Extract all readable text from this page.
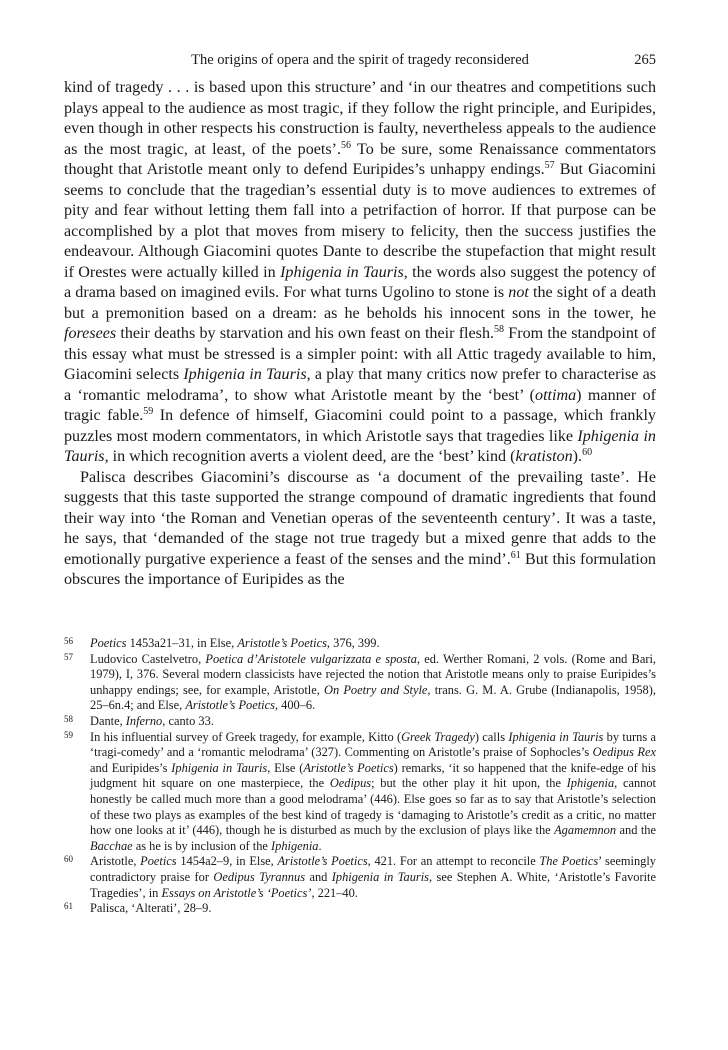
The origins of opera and the spirit of tragedy reconsidered	265

kind of tragedy . . . is based upon this structure’ and ‘in our theatres and competitions such plays appeal to the audience as most tragic, if they follow the right principle, and Euripides, even though in other respects his construction is faulty, nevertheless appeals to the audience as the most tragic, at least, of the poets’.$^{56}$ To be sure, some Renaissance commentators thought that Aristotle meant only to defend Euripides’s unhappy endings.$^{57}$ But Giacomini seems to conclude that the tragedian’s essential duty is to move audiences to extremes of pity and fear without letting them fall into a petrifaction of horror. If that purpose can be accomplished by a plot that moves from misery to felicity, then the success justifies the endeavour. Although Giacomini quotes Dante to describe the stupefaction that might result if Orestes were actually killed in Iphigenia in Tauris, the words also suggest the potency of a drama based on imagined evils. For what turns Ugolino to stone is not the sight of a death but a premonition based on a dream: as he beholds his innocent sons in the tower, he foresees their deaths by starvation and his own feast on their flesh.$^{58}$ From the standpoint of this essay what must be stressed is a simpler point: with all Attic tragedy available to him, Giacomini selects Iphigenia in Tauris, a play that many critics now prefer to characterise as a ‘romantic melodrama’, to show what Aristotle meant by the ‘best’ (ottima) manner of tragic fable.$^{59}$ In defence of himself, Giacomini could point to a passage, which frankly puzzles most modern commentators, in which Aristotle says that tragedies like Iphigenia in Tauris, in which recognition averts a violent deed, are the ‘best’ kind (kratiston).$^{60}$

Palisca describes Giacomini’s discourse as ‘a document of the prevailing taste’. He suggests that this taste supported the strange compound of dramatic ingredients that found their way into ‘the Roman and Venetian operas of the seventeenth century’. It was a taste, he says, that ‘demanded of the stage not true tragedy but a mixed genre that adds to the emotionally purgative experience a feast of the senses and the mind’.$^{61}$ But this formulation obscures the importance of Euripides as the

56 Poetics 1453a21–31, in Else, Aristotle’s Poetics, 376, 399.

57 Ludovico Castelvetro, Poetica d’Aristotele vulgarizzata e sposta, ed. Werther Romani, 2 vols. (Rome and Bari, 1979), I, 376. Several modern classicists have rejected the notion that Aristotle means only to praise Euripides’s unhappy endings; see, for example, Aristotle, On Poetry and Style, trans. G. M. A. Grube (Indianapolis, 1958), 25–6n.4; and Else, Aristotle’s Poetics, 400–6.

58 Dante, Inferno, canto 33.

59 In his influential survey of Greek tragedy, for example, Kitto (Greek Tragedy) calls Iphigenia in Tauris by turns a ‘tragi-comedy’ and a ‘romantic melodrama’ (327). Commenting on Aristotle’s praise of Sophocles’s Oedipus Rex and Euripides’s Iphigenia in Tauris, Else (Aristotle’s Poetics) remarks, ‘it so happened that the knife-edge of his judgment hit square on one masterpiece, the Oedipus; but the other play it hit upon, the Iphigenia, cannot honestly be called much more than a good melodrama’ (446). Else goes so far as to say that Aristotle’s selection of these two plays as examples of the best kind of tragedy is ‘damaging to Aristotle’s credit as a critic, no matter how one looks at it’ (446), though he is disturbed as much by the exclusion of plays like the Agamemnon and the Bacchae as he is by inclusion of the Iphigenia.

60 Aristotle, Poetics 1454a2–9, in Else, Aristotle’s Poetics, 421. For an attempt to reconcile The Poetics’ seemingly contradictory praise for Oedipus Tyrannus and Iphigenia in Tauris, see Stephen A. White, ‘Aristotle’s Favorite Tragedies’, in Essays on Aristotle’s ‘Poetics’, 221–40.

61 Palisca, ‘Alterati’, 28–9.
